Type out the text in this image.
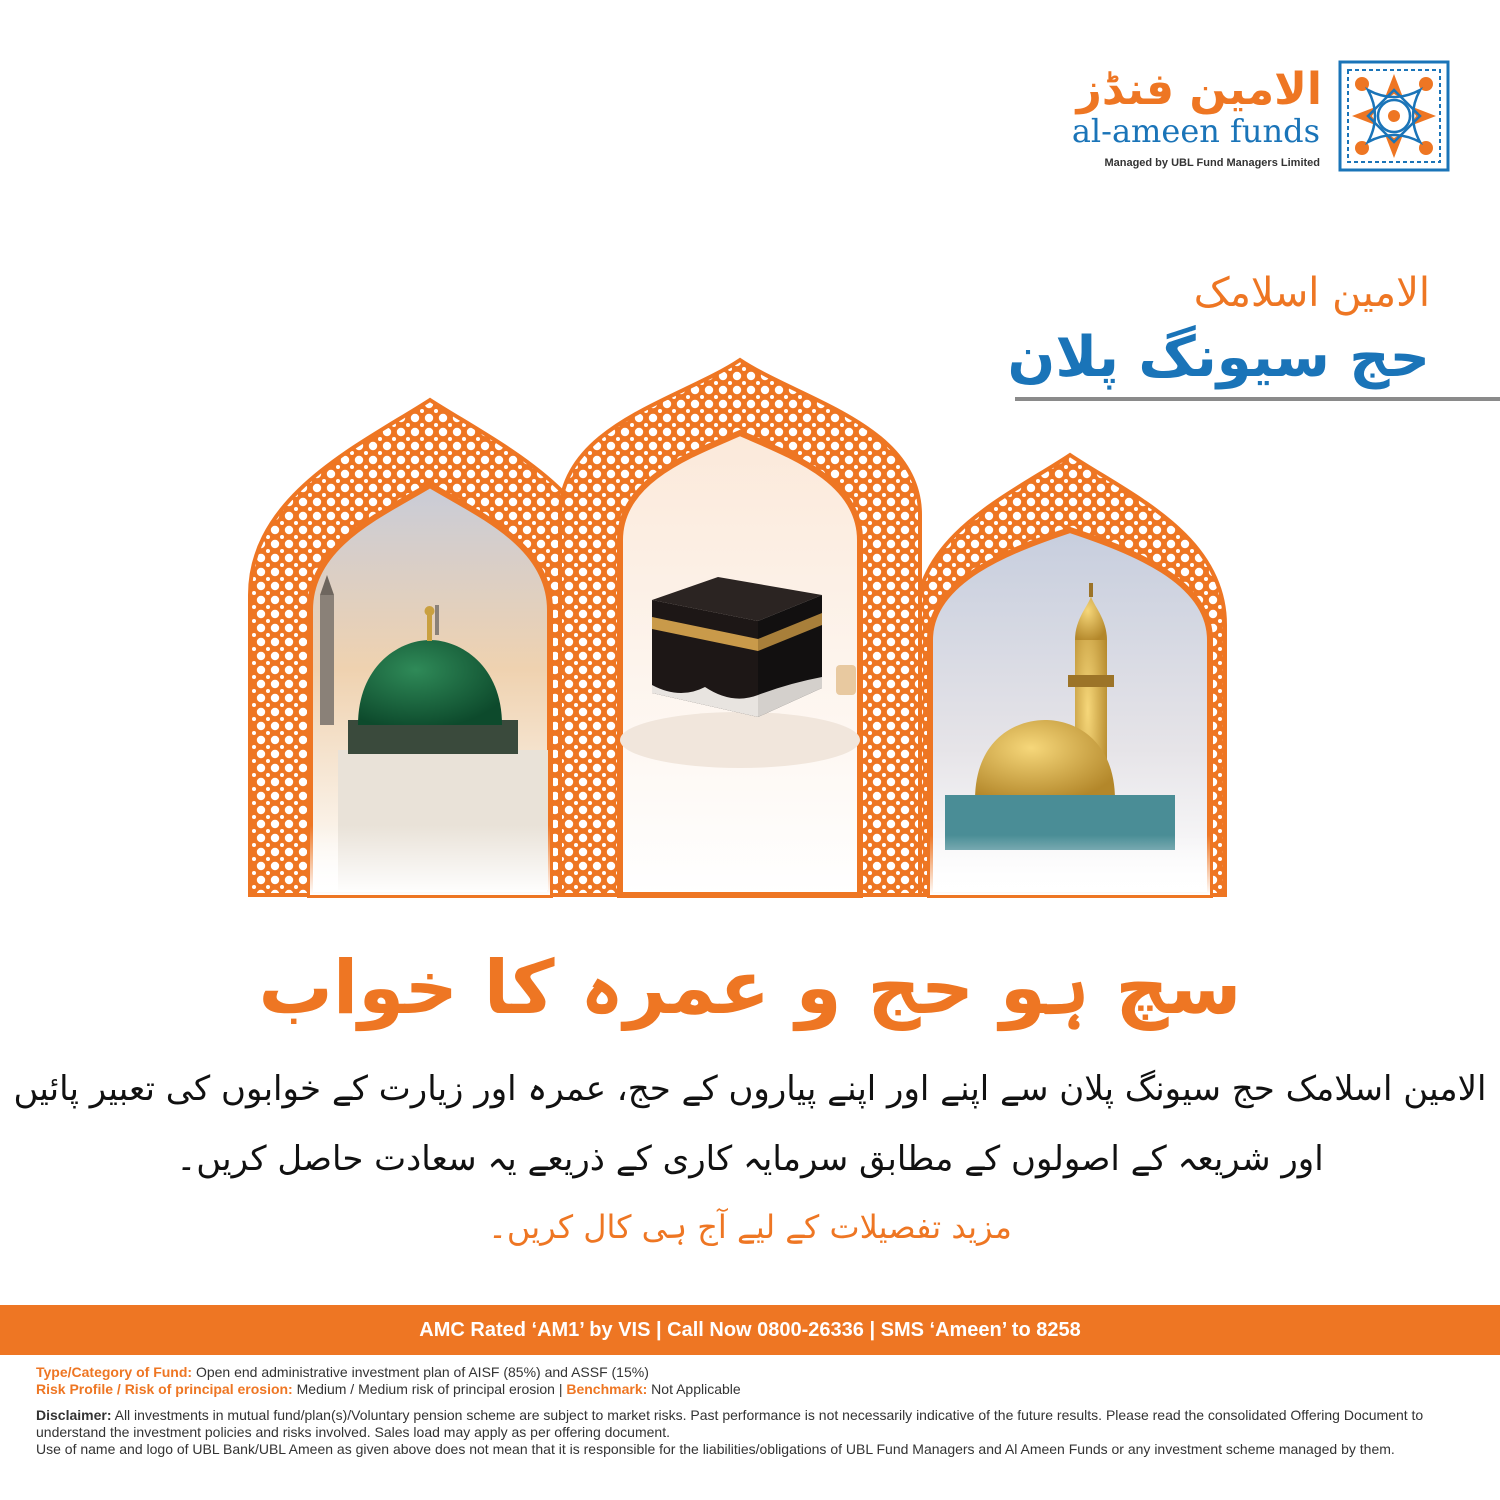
الامین فنڈز
al-ameen funds
Managed by UBL Fund Managers Limited
الامین اسلامک
حج سیونگ پلان
سچ ہو حج و عمرہ کا خواب
الامین اسلامک حج سیونگ پلان سے اپنے اور اپنے پیاروں کے حج، عمرہ اور زیارت کے خوابوں کی تعبیر پائیں
اور شریعہ کے اصولوں کے مطابق سرمایہ کاری کے ذریعے یہ سعادت حاصل کریں۔
مزید تفصیلات کے لیے آج ہی کال کریں۔
AMC Rated ‘AM1’ by VIS | Call Now 0800-26336 | SMS ‘Ameen’ to 8258

Type/Category of Fund: Open end administrative investment plan of AISF (85%) and ASSF (15%)

Risk Profile / Risk of principal erosion: Medium / Medium risk of principal erosion | Benchmark: Not Applicable

Disclaimer: All investments in mutual fund/plan(s)/Voluntary pension scheme are subject to market risks. Past performance is not necessarily indicative of the future results. Please read the consolidated Offering Document to understand the investment policies and risks involved. Sales load may apply as per offering document.

Use of name and logo of UBL Bank/UBL Ameen as given above does not mean that it is responsible for the liabilities/obligations of UBL Fund Managers and Al Ameen Funds or any investment scheme managed by them.
